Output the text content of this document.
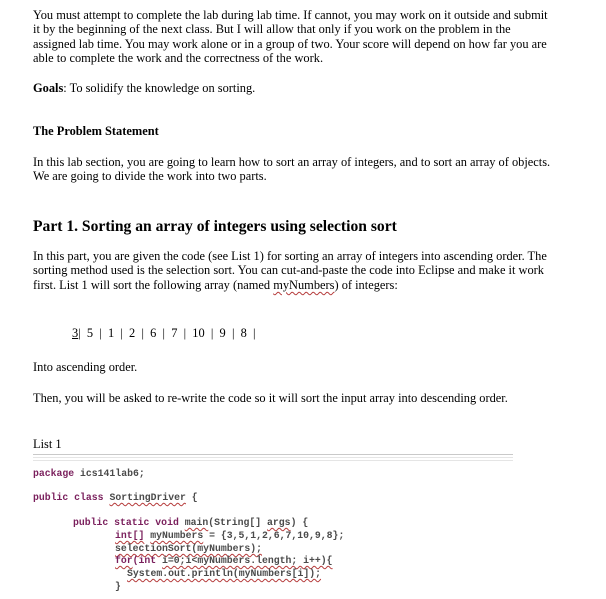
You must attempt to complete the lab during lab time. If cannot, you may work on it outside and submit it by the beginning of the next class. But I will allow that only if you work on the problem in the assigned lab time. You may work alone or in a group of two. Your score will depend on how far you are able to complete the work and the correctness of the work.

Goals: To solidify the knowledge on sorting.

The Problem Statement

In this lab section, you are going to learn how to sort an array of integers, and to sort an array of objects. We are going to divide the work into two parts.

Part 1. Sorting an array of integers using selection sort

In this part, you are given the code (see List 1) for sorting an array of integers into ascending order. The sorting method used is the selection sort. You can cut-and-paste the code into Eclipse and make it work first. List 1 will sort the following array (named myNumbers) of integers:

3|  5  |  1  |  2  |  6  |  7  |  10  |  9  |  8  |

Into ascending order.

Then, you will be asked to re-write the code so it will sort the input array into descending order.

List 1

package ics141lab6;
public class SortingDriver {
public static void main(String[] args) {
int[] myNumbers = {3,5,1,2,6,7,10,9,8};
selectionSort(myNumbers);
for(int i=0;i<myNumbers.length; i++){
System.out.println(myNumbers[i]);
}
